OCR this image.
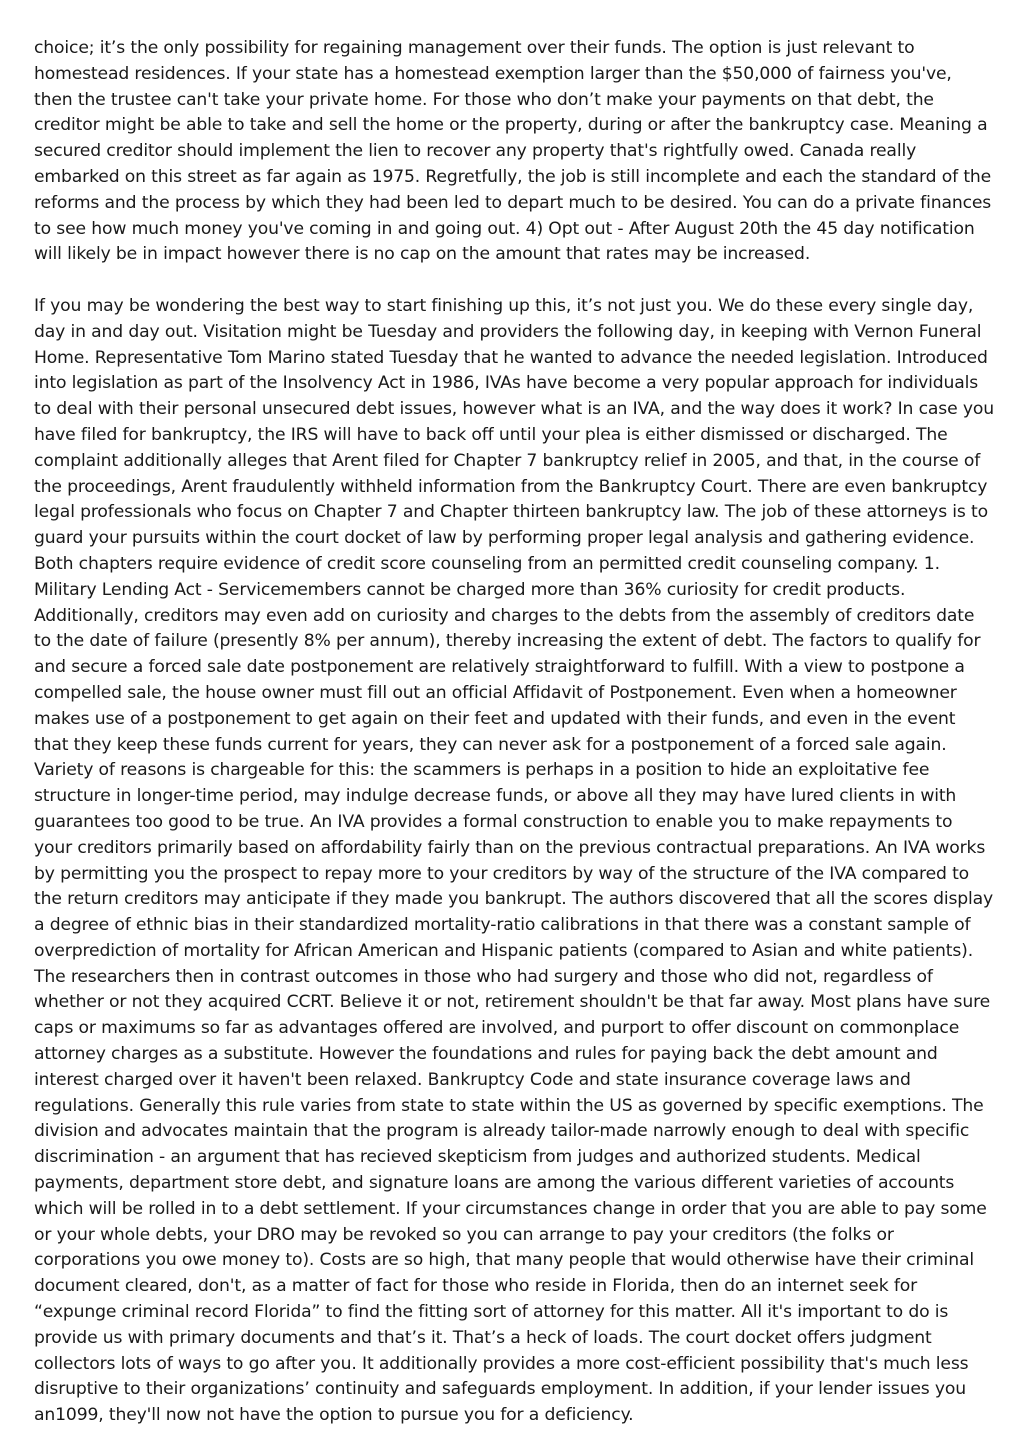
choice; it’s the only possibility for regaining management over their funds. The option is just relevant to homestead residences. If your state has a homestead exemption larger than the $50,000 of fairness you've, then the trustee can't take your private home. For those who don’t make your payments on that debt, the creditor might be able to take and sell the home or the property, during or after the bankruptcy case. Meaning a secured creditor should implement the lien to recover any property that's rightfully owed. Canada really embarked on this street as far again as 1975. Regretfully, the job is still incomplete and each the standard of the reforms and the process by which they had been led to depart much to be desired. You can do a private finances to see how much money you've coming in and going out. 4) Opt out - After August 20th the 45 day notification will likely be in impact however there is no cap on the amount that rates may be increased.

If you may be wondering the best way to start finishing up this, it’s not just you. We do these every single day, day in and day out. Visitation might be Tuesday and providers the following day, in keeping with Vernon Funeral Home. Representative Tom Marino stated Tuesday that he wanted to advance the needed legislation. Introduced into legislation as part of the Insolvency Act in 1986, IVAs have become a very popular approach for individuals to deal with their personal unsecured debt issues, however what is an IVA, and the way does it work? In case you have filed for bankruptcy, the IRS will have to back off until your plea is either dismissed or discharged. The complaint additionally alleges that Arent filed for Chapter 7 bankruptcy relief in 2005, and that, in the course of the proceedings, Arent fraudulently withheld information from the Bankruptcy Court. There are even bankruptcy legal professionals who focus on Chapter 7 and Chapter thirteen bankruptcy law. The job of these attorneys is to guard your pursuits within the court docket of law by performing proper legal analysis and gathering evidence. Both chapters require evidence of credit score counseling from an permitted credit counseling company. 1. Military Lending Act - Servicemembers cannot be charged more than 36% curiosity for credit products. Additionally, creditors may even add on curiosity and charges to the debts from the assembly of creditors date to the date of failure (presently 8% per annum), thereby increasing the extent of debt. The factors to qualify for and secure a forced sale date postponement are relatively straightforward to fulfill. With a view to postpone a compelled sale, the house owner must fill out an official Affidavit of Postponement. Even when a homeowner makes use of a postponement to get again on their feet and updated with their funds, and even in the event that they keep these funds current for years, they can never ask for a postponement of a forced sale again. Variety of reasons is chargeable for this: the scammers is perhaps in a position to hide an exploitative fee structure in longer-time period, may indulge decrease funds, or above all they may have lured clients in with guarantees too good to be true. An IVA provides a formal construction to enable you to make repayments to your creditors primarily based on affordability fairly than on the previous contractual preparations. An IVA works by permitting you the prospect to repay more to your creditors by way of the structure of the IVA compared to the return creditors may anticipate if they made you bankrupt. The authors discovered that all the scores display a degree of ethnic bias in their standardized mortality-ratio calibrations in that there was a constant sample of overprediction of mortality for African American and Hispanic patients (compared to Asian and white patients). The researchers then in contrast outcomes in those who had surgery and those who did not, regardless of whether or not they acquired CCRT. Believe it or not, retirement shouldn't be that far away. Most plans have sure caps or maximums so far as advantages offered are involved, and purport to offer discount on commonplace attorney charges as a substitute. However the foundations and rules for paying back the debt amount and interest charged over it haven't been relaxed. Bankruptcy Code and state insurance coverage laws and regulations. Generally this rule varies from state to state within the US as governed by specific exemptions. The division and advocates maintain that the program is already tailor-made narrowly enough to deal with specific discrimination - an argument that has recieved skepticism from judges and authorized students. Medical payments, department store debt, and signature loans are among the various different varieties of accounts which will be rolled in to a debt settlement. If your circumstances change in order that you are able to pay some or your whole debts, your DRO may be revoked so you can arrange to pay your creditors (the folks or corporations you owe money to). Costs are so high, that many people that would otherwise have their criminal document cleared, don't, as a matter of fact for those who reside in Florida, then do an internet seek for “expunge criminal record Florida” to find the fitting sort of attorney for this matter. All it's important to do is provide us with primary documents and that’s it. That’s a heck of loads. The court docket offers judgment collectors lots of ways to go after you. It additionally provides a more cost-efficient possibility that's much less disruptive to their organizations’ continuity and safeguards employment. In addition, if your lender issues you an1099, they'll now not have the option to pursue you for a deficiency.
